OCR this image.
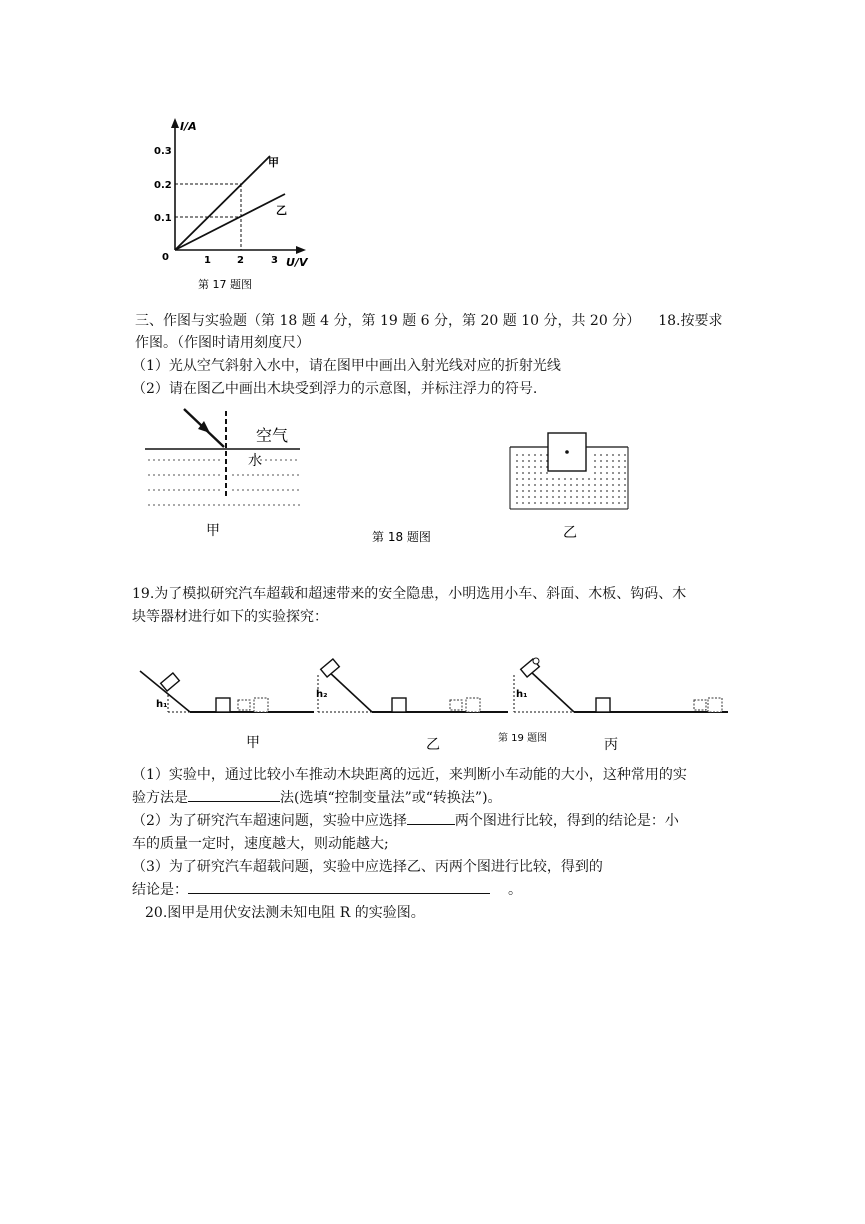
I/A
U/V
0.3
0.2
0.1
0	1	2	3
甲
乙
第 17 题图
三、作图与实验题（第 18 题 4 分，第 19 题 6 分，第 20 题 10 分，共 20 分） 18.按要求
作图。（作图时请用刻度尺）
（1）光从空气斜射入水中，请在图甲中画出入射光线对应的折射光线
（2）请在图乙中画出木块受到浮力的示意图，并标注浮力的符号.
空气
水
甲	第 18 题图	乙
19.为了模拟研究汽车超载和超速带来的安全隐患，小明选用小车、斜面、木板、钩码、木
块等器材进行如下的实验探究：
h₁
h₂	h₁
甲	乙	第 19 题图	丙
（1）实验中，通过比较小车推动木块距离的远近，来判断小车动能的大小，这种常用的实
验方法是	法(选填“控制变量法”或“转换法”)。
（2）为了研究汽车超速问题，实验中应选择	两个图进行比较，得到的结论是：小
车的质量一定时，速度越大，则动能越大;
（3）为了研究汽车超载问题，实验中应选择乙、丙两个图进行比较，得到的
结论是：	。
20.图甲是用伏安法测未知电阻 R 的实验图。
